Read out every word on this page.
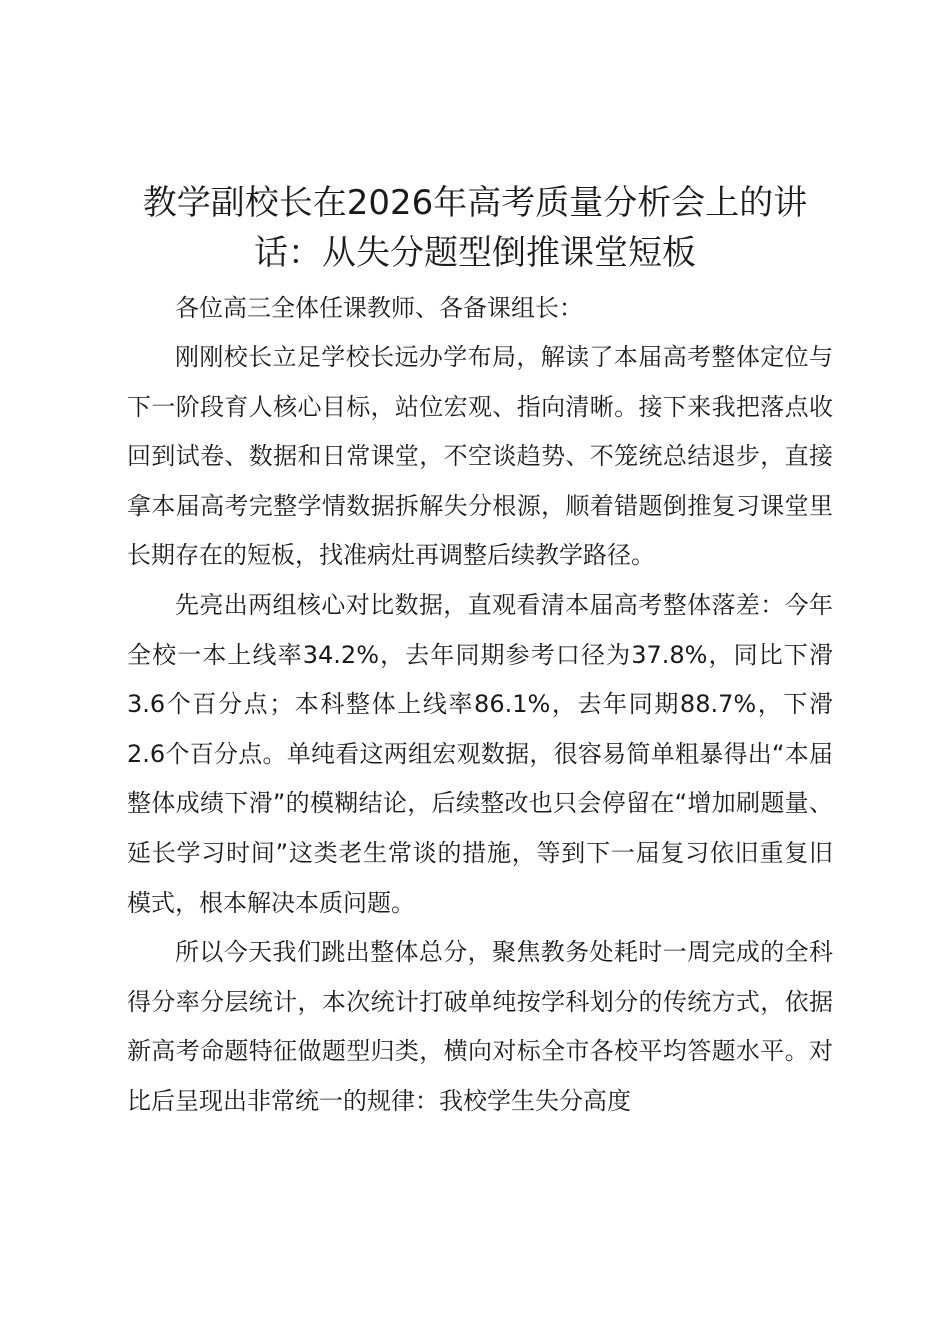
教学副校长在2026年高考质量分析会上的讲话：从失分题型倒推课堂短板

各位高三全体任课教师、各备课组长：

刚刚校长立足学校长远办学布局，解读了本届高考整体定位与下一阶段育人核心目标，站位宏观、指向清晰。接下来我把落点收回到试卷、数据和日常课堂，不空谈趋势、不笼统总结退步，直接拿本届高考完整学情数据拆解失分根源，顺着错题倒推复习课堂里长期存在的短板，找准病灶再调整后续教学路径。

先亮出两组核心对比数据，直观看清本届高考整体落差：今年全校一本上线率34.2%，去年同期参考口径为37.8%，同比下滑3.6个百分点；本科整体上线率86.1%，去年同期88.7%，下滑2.6个百分点。单纯看这两组宏观数据，很容易简单粗暴得出“本届整体成绩下滑”的模糊结论，后续整改也只会停留在“增加刷题量、延长学习时间”这类老生常谈的措施，等到下一届复习依旧重复旧模式，根本解决本质问题。

所以今天我们跳出整体总分，聚焦教务处耗时一周完成的全科得分率分层统计，本次统计打破单纯按学科划分的传统方式，依据新高考命题特征做题型归类，横向对标全市各校平均答题水平。对比后呈现出非常统一的规律：我校学生失分高度
